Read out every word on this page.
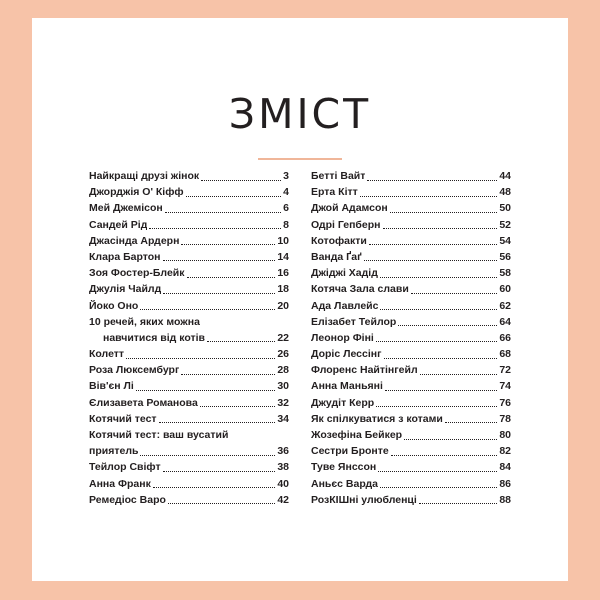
ЗМІСТ
Найкращі друзі жінок	3
Джорджія О' Кіфф	4
Мей Джемісон	6
Сандей Рід	8
Джасінда Ардерн	10
Клара Бартон	14
Зоя Фостер-Блейк	16
Джулія Чайлд	18
Йоко Оно	20
10 речей, яких можна
навчитися від котів	22
Колетт	26
Роза Люксембург	28
Вів'єн Лі	30
Єлизавета Романова	32
Котячий тест	34
Котячий тест: ваш вусатий
приятель	36
Тейлор Свіфт	38
Анна Франк	40
Ремедіос Варо	42
Бетті Вайт	44
Ерта Кітт	48
Джой Адамсон	50
Одрі Гепберн	52
Котофакти	54
Ванда Ґаґ	56
Джіджі Хадід	58
Котяча Зала слави	60
Ада Лавлейс	62
Елізабет Тейлор	64
Леонор Фіні	66
Доріс Лессінг	68
Флоренс Найтінгейл	72
Анна Маньяні	74
Джудіт Керр	76
Як спілкуватися з котами	78
Жозефіна Бейкер	80
Сестри Бронте	82
Туве Янссон	84
Аньєс Варда	86
РозКІШні улюбленці	88
